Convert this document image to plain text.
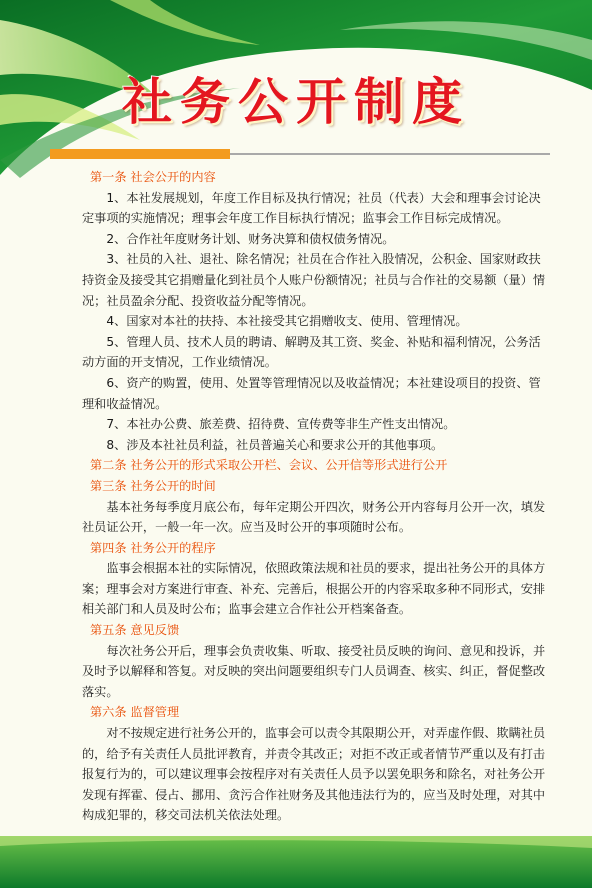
社务公开制度

第一条 社会公开的内容

1、本社发展规划，年度工作目标及执行情况；社员（代表）大会和理事会讨论决定事项的实施情况；理事会年度工作目标执行情况；监事会工作目标完成情况。

2、合作社年度财务计划、财务决算和债权债务情况。

3、社员的入社、退社、除名情况；社员在合作社入股情况，公积金、国家财政扶持资金及接受其它捐赠量化到社员个人账户份额情况；社员与合作社的交易额（量）情况；社员盈余分配、投资收益分配等情况。

4、国家对本社的扶持、本社接受其它捐赠收支、使用、管理情况。

5、管理人员、技术人员的聘请、解聘及其工资、奖金、补贴和福利情况，公务活动方面的开支情况，工作业绩情况。

6、资产的购置，使用、处置等管理情况以及收益情况；本社建设项目的投资、管理和收益情况。

7、本社办公费、旅差费、招待费、宣传费等非生产性支出情况。

8、涉及本社社员利益，社员普遍关心和要求公开的其他事项。

第二条 社务公开的形式采取公开栏、会议、公开信等形式进行公开

第三条 社务公开的时间

基本社务每季度月底公布，每年定期公开四次，财务公开内容每月公开一次，填发社员证公开，一般一年一次。应当及时公开的事项随时公布。

第四条 社务公开的程序

监事会根据本社的实际情况，依照政策法规和社员的要求，提出社务公开的具体方案；理事会对方案进行审查、补充、完善后，根据公开的内容采取多种不同形式，安排相关部门和人员及时公布；监事会建立合作社公开档案备查。

第五条 意见反馈

每次社务公开后，理事会负责收集、听取、接受社员反映的询问、意见和投诉，并及时予以解释和答复。对反映的突出问题要组织专门人员调查、核实、纠正，督促整改落实。

第六条 监督管理

对不按规定进行社务公开的，监事会可以责令其限期公开，对弄虚作假、欺瞒社员的，给予有关责任人员批评教育，并责令其改正；对拒不改正或者情节严重以及有打击报复行为的，可以建议理事会按程序对有关责任人员予以罢免职务和除名，对社务公开发现有挥霍、侵占、挪用、贪污合作社财务及其他违法行为的，应当及时处理，对其中构成犯罪的，移交司法机关依法处理。
